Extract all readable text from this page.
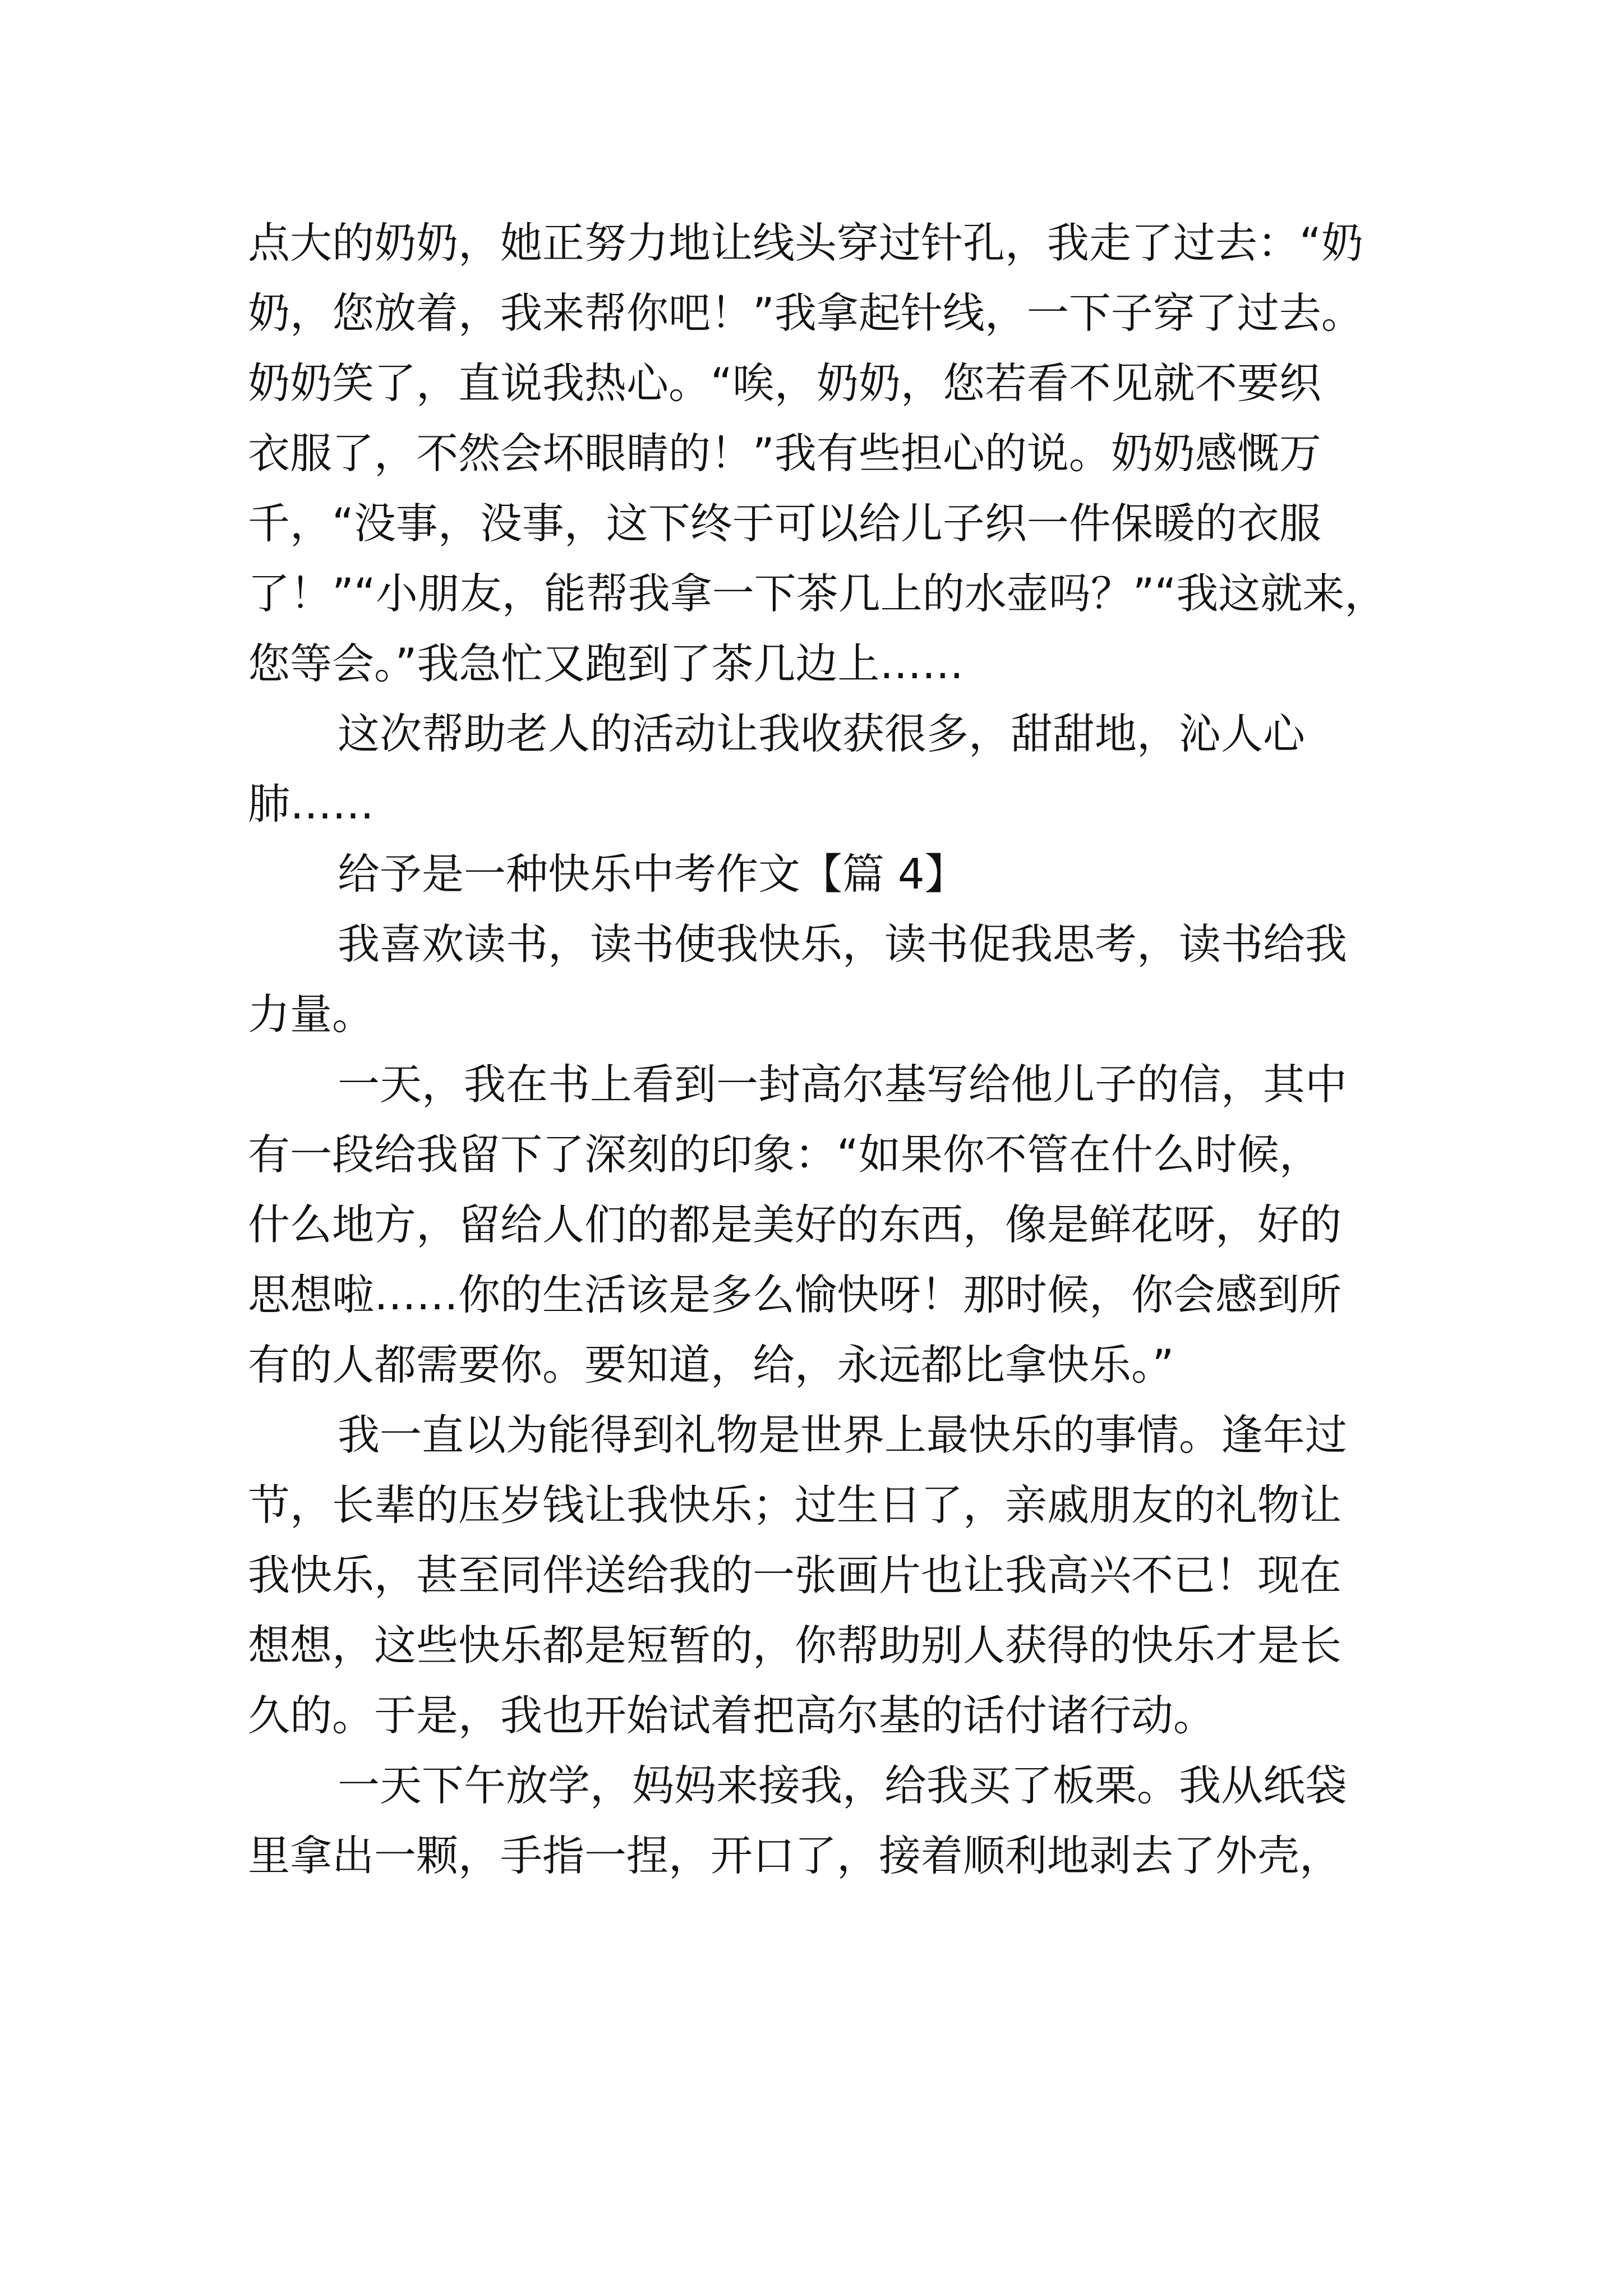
点大的奶奶，她正努力地让线头穿过针孔，我走了过去：“奶
奶，您放着，我来帮你吧！”我拿起针线，一下子穿了过去。
奶奶笑了，直说我热心。“唉，奶奶，您若看不见就不要织
衣服了，不然会坏眼睛的！”我有些担心的说。奶奶感慨万
千，“没事，没事，这下终于可以给儿子织一件保暖的衣服
了！”“小朋友，能帮我拿一下茶几上的水壶吗？”“我这就来，
您等会。”我急忙又跑到了茶几边上……
这次帮助老人的活动让我收获很多，甜甜地，沁人心
肺……
给予是一种快乐中考作文【篇 4】
我喜欢读书，读书使我快乐，读书促我思考，读书给我
力量。
一天，我在书上看到一封高尔基写给他儿子的信，其中
有一段给我留下了深刻的印象：“如果你不管在什么时候，
什么地方，留给人们的都是美好的东西，像是鲜花呀，好的
思想啦……你的生活该是多么愉快呀！那时候，你会感到所
有的人都需要你。要知道，给，永远都比拿快乐。”
我一直以为能得到礼物是世界上最快乐的事情。逢年过
节，长辈的压岁钱让我快乐；过生日了，亲戚朋友的礼物让
我快乐，甚至同伴送给我的一张画片也让我高兴不已！现在
想想，这些快乐都是短暂的，你帮助别人获得的快乐才是长
久的。于是，我也开始试着把高尔基的话付诸行动。
一天下午放学，妈妈来接我，给我买了板栗。我从纸袋
里拿出一颗，手指一捏，开口了，接着顺利地剥去了外壳，
